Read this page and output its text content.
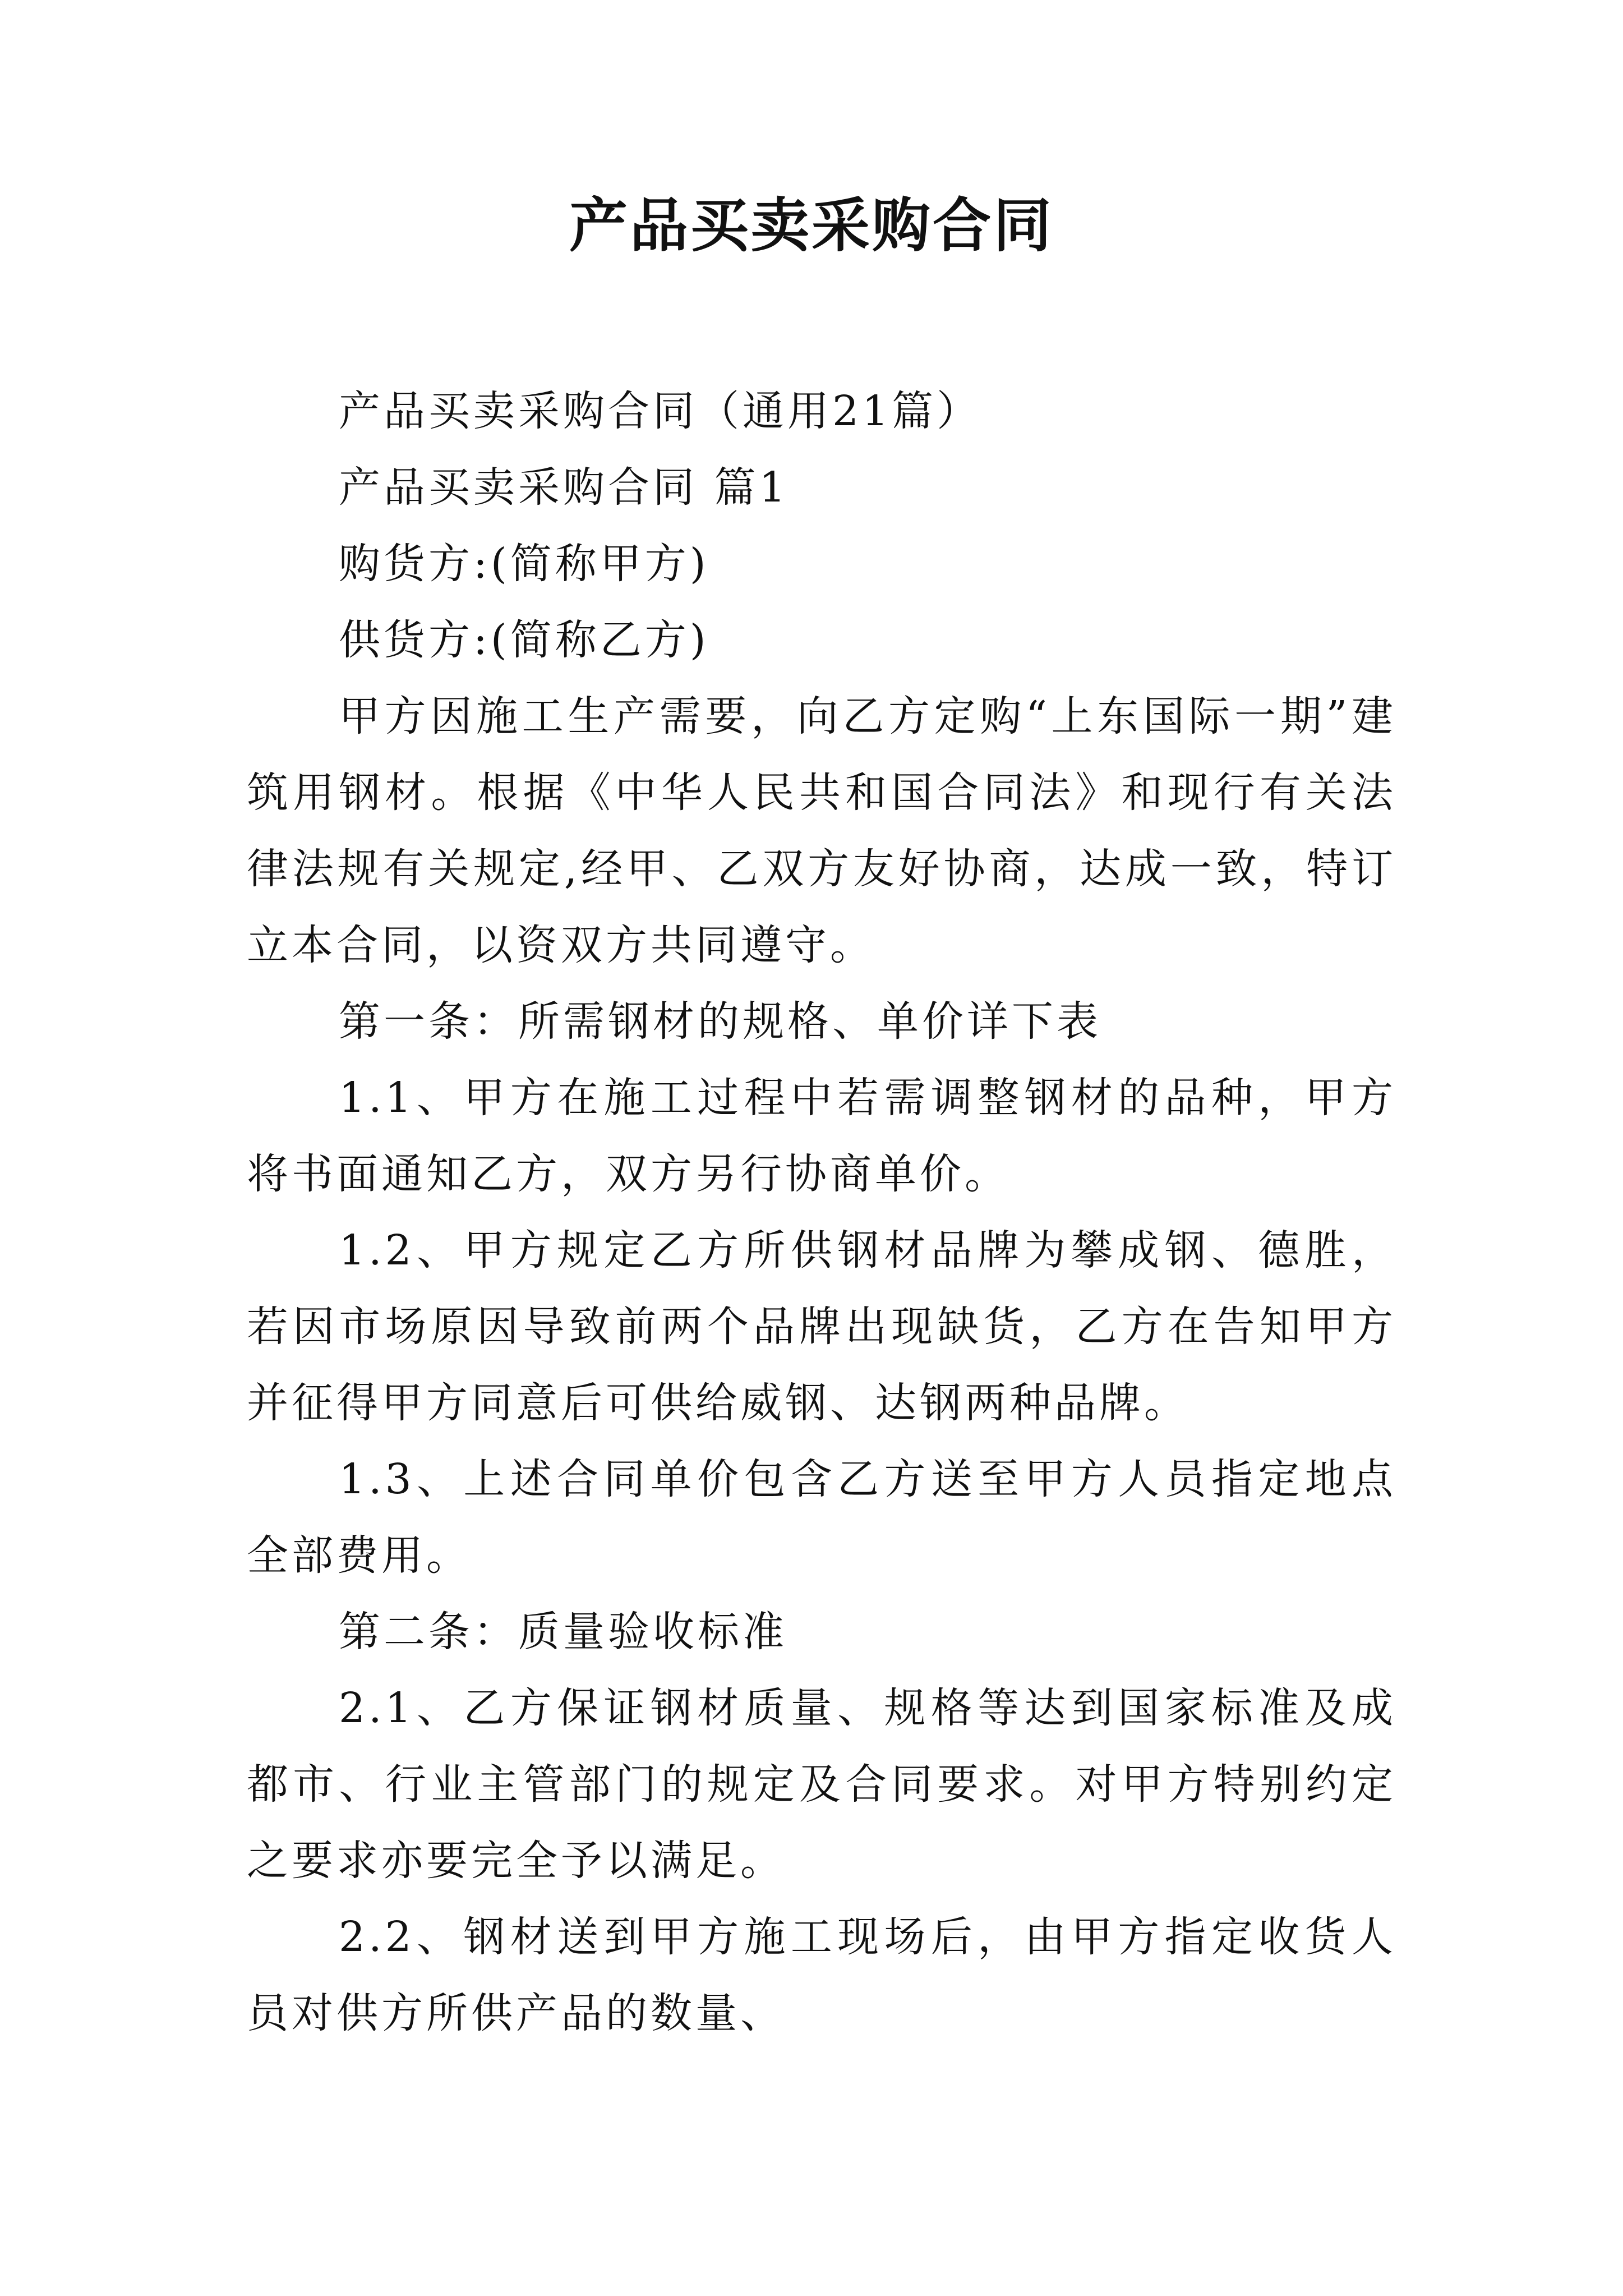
产品买卖采购合同

产品买卖采购合同（通用21篇）

产品买卖采购合同 篇1

购货方:(简称甲方)

供货方:(简称乙方)

甲方因施工生产需要，向乙方定购“上东国际一期”建筑用钢材。根据《中华人民共和国合同法》和现行有关法律法规有关规定,经甲、乙双方友好协商，达成一致，特订立本合同，以资双方共同遵守。

第一条：所需钢材的规格、单价详下表

1.1、甲方在施工过程中若需调整钢材的品种，甲方将书面通知乙方，双方另行协商单价。

1.2、甲方规定乙方所供钢材品牌为攀成钢、德胜，若因市场原因导致前两个品牌出现缺货，乙方在告知甲方并征得甲方同意后可供给威钢、达钢两种品牌。

1.3、上述合同单价包含乙方送至甲方人员指定地点全部费用。

第二条：质量验收标准

2.1、乙方保证钢材质量、规格等达到国家标准及成都市、行业主管部门的规定及合同要求。对甲方特别约定之要求亦要完全予以满足。

2.2、钢材送到甲方施工现场后，由甲方指定收货人员对供方所供产品的数量、
